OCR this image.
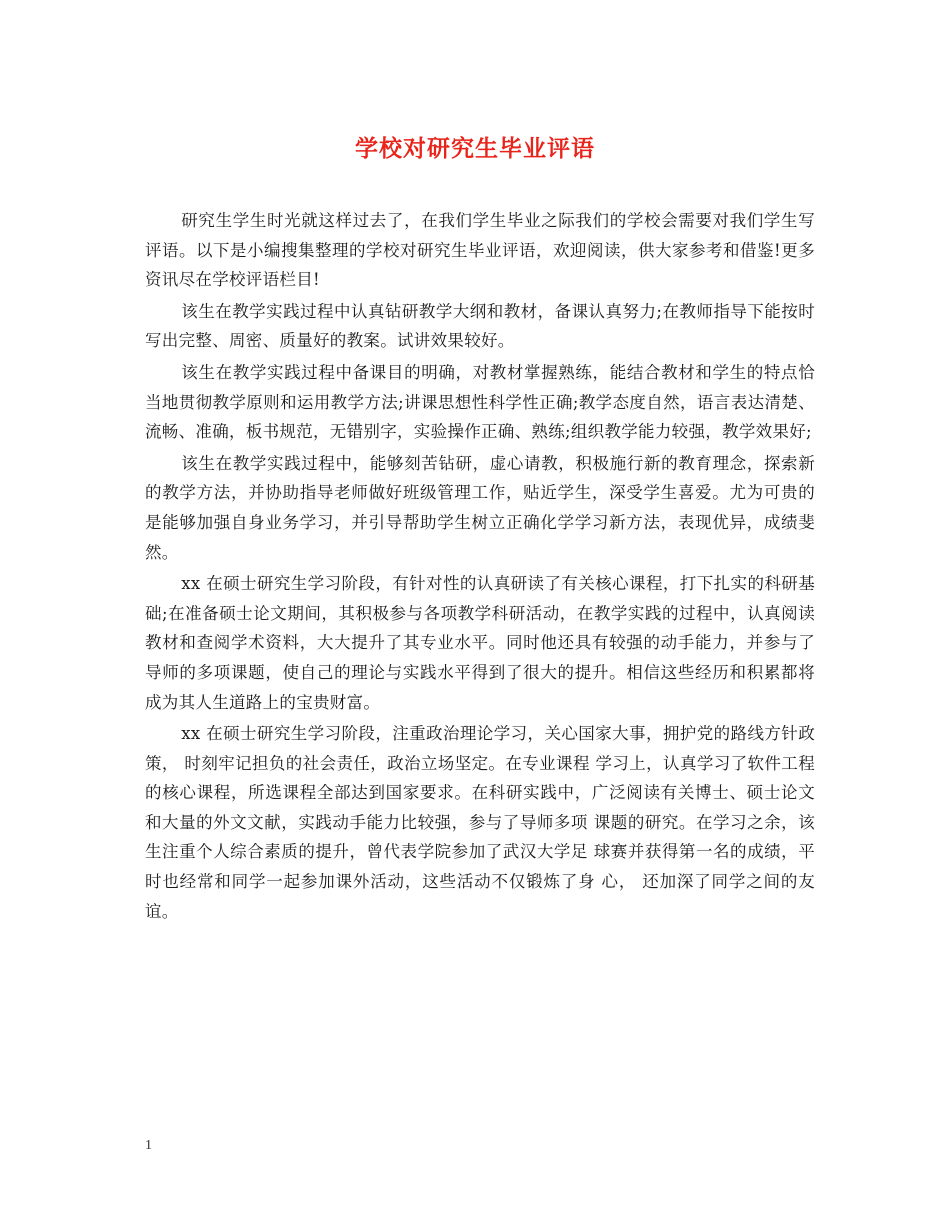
学校对研究生毕业评语

研究生学生时光就这样过去了，在我们学生毕业之际我们的学校会需要对我们学生写评语。以下是小编搜集整理的学校对研究生毕业评语，欢迎阅读，供大家参考和借鉴!更多资讯尽在学校评语栏目!

该生在教学实践过程中认真钻研教学大纲和教材，备课认真努力;在教师指导下能按时写出完整、周密、质量好的教案。试讲效果较好。

该生在教学实践过程中备课目的明确，对教材掌握熟练，能结合教材和学生的特点恰当地贯彻教学原则和运用教学方法;讲课思想性科学性正确;教学态度自然，语言表达清楚、流畅、准确，板书规范，无错别字，实验操作正确、熟练;组织教学能力较强，教学效果好;

该生在教学实践过程中，能够刻苦钻研，虚心请教，积极施行新的教育理念，探索新的教学方法，并协助指导老师做好班级管理工作，贴近学生，深受学生喜爱。尤为可贵的是能够加强自身业务学习，并引导帮助学生树立正确化学学习新方法，表现优异，成绩斐然。

xx 在硕士研究生学习阶段，有针对性的认真研读了有关核心课程，打下扎实的科研基础;在准备硕士论文期间，其积极参与各项教学科研活动，在教学实践的过程中，认真阅读教材和查阅学术资料，大大提升了其专业水平。同时他还具有较强的动手能力，并参与了导师的多项课题，使自己的理论与实践水平得到了很大的提升。相信这些经历和积累都将成为其人生道路上的宝贵财富。

xx 在硕士研究生学习阶段，注重政治理论学习，关心国家大事，拥护党的路线方针政策， 时刻牢记担负的社会责任，政治立场坚定。在专业课程 学习上，认真学习了软件工程的核心课程，所选课程全部达到国家要求。在科研实践中，广泛阅读有关博士、硕士论文和大量的外文文献，实践动手能力比较强，参与了导师多项 课题的研究。在学习之余，该生注重个人综合素质的提升，曾代表学院参加了武汉大学足 球赛并获得第一名的成绩，平时也经常和同学一起参加课外活动，这些活动不仅锻炼了身 心， 还加深了同学之间的友谊。

1
